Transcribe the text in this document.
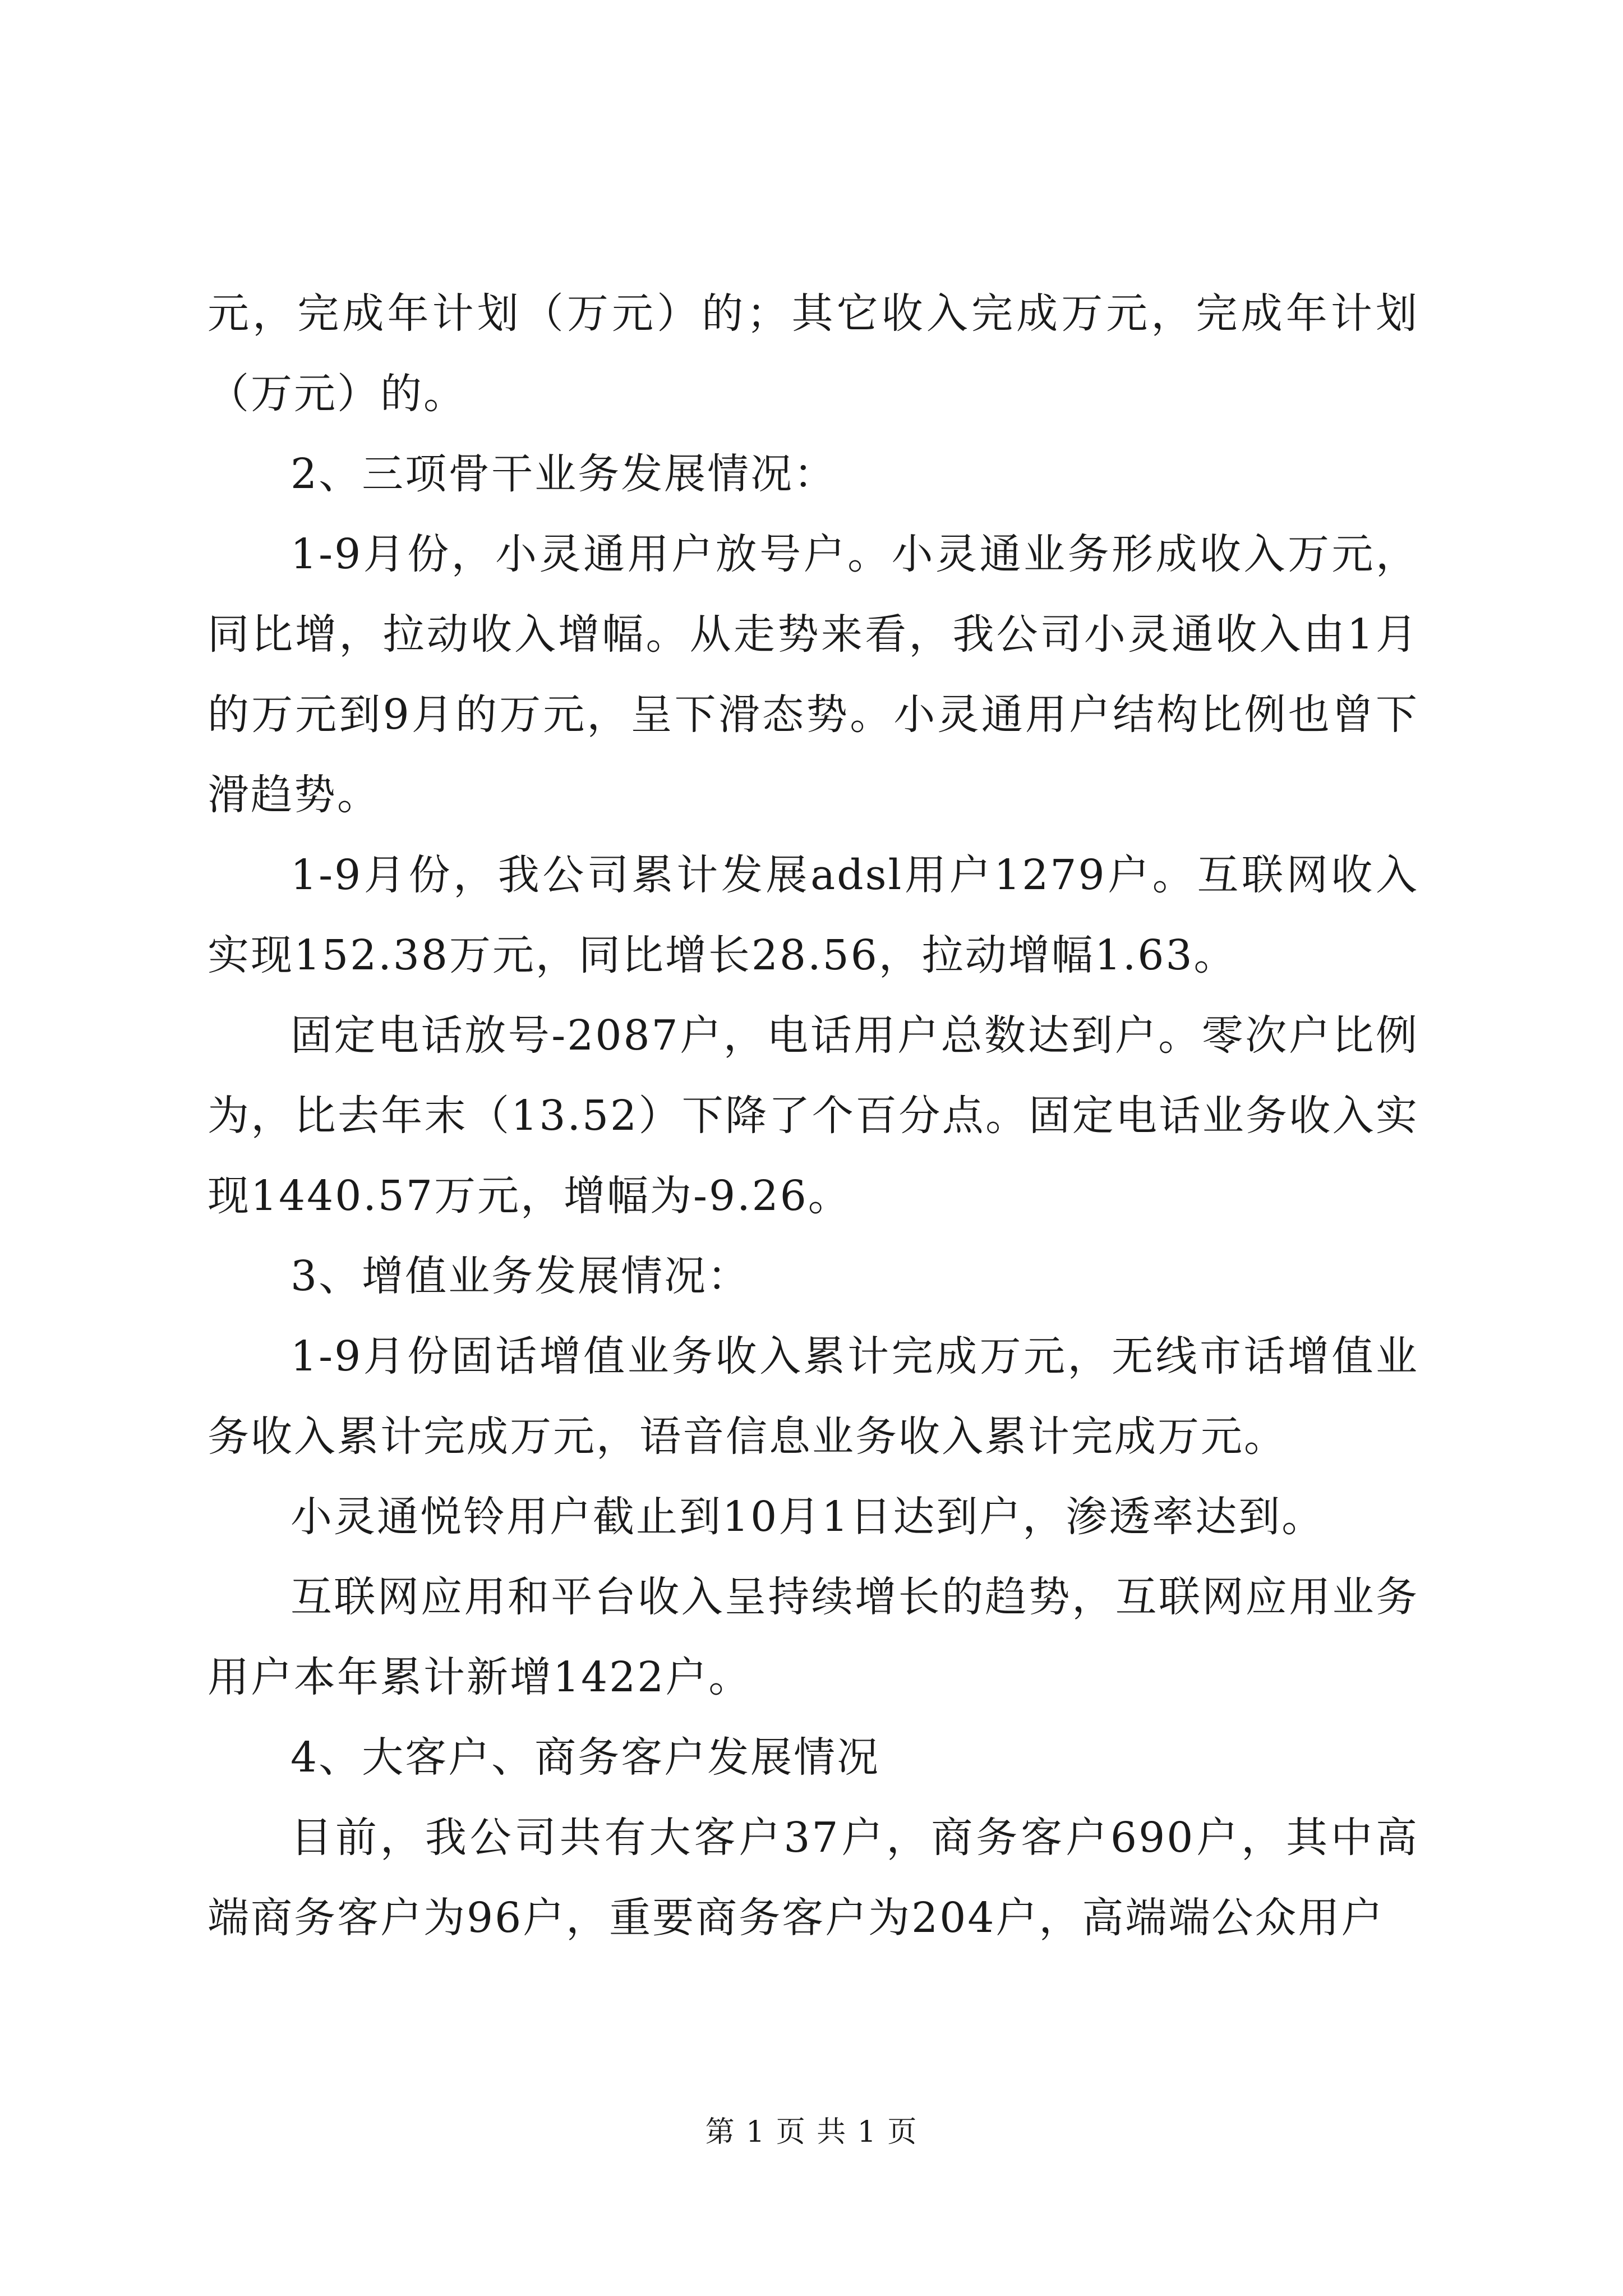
元，完成年计划（万元）的；其它收入完成万元，完成年计划（万元）的。

2、三项骨干业务发展情况：

1-9月份，小灵通用户放号户。小灵通业务形成收入万元，同比增，拉动收入增幅。从走势来看，我公司小灵通收入由1月的万元到9月的万元，呈下滑态势。小灵通用户结构比例也曾下滑趋势。

1-9月份，我公司累计发展adsl用户1279户。互联网收入实现152.38万元，同比增长28.56，拉动增幅1.63。

固定电话放号-2087户，电话用户总数达到户。零次户比例为，比去年末（13.52）下降了个百分点。固定电话业务收入实现1440.57万元，增幅为-9.26。

3、增值业务发展情况：

1-9月份固话增值业务收入累计完成万元，无线市话增值业务收入累计完成万元，语音信息业务收入累计完成万元。

小灵通悦铃用户截止到10月1日达到户，渗透率达到。

互联网应用和平台收入呈持续增长的趋势，互联网应用业务用户本年累计新增1422户。

4、大客户、商务客户发展情况

目前，我公司共有大客户37户，商务客户690户，其中高端商务客户为96户，重要商务客户为204户，高端端公众用户

第 1 页 共 1 页
